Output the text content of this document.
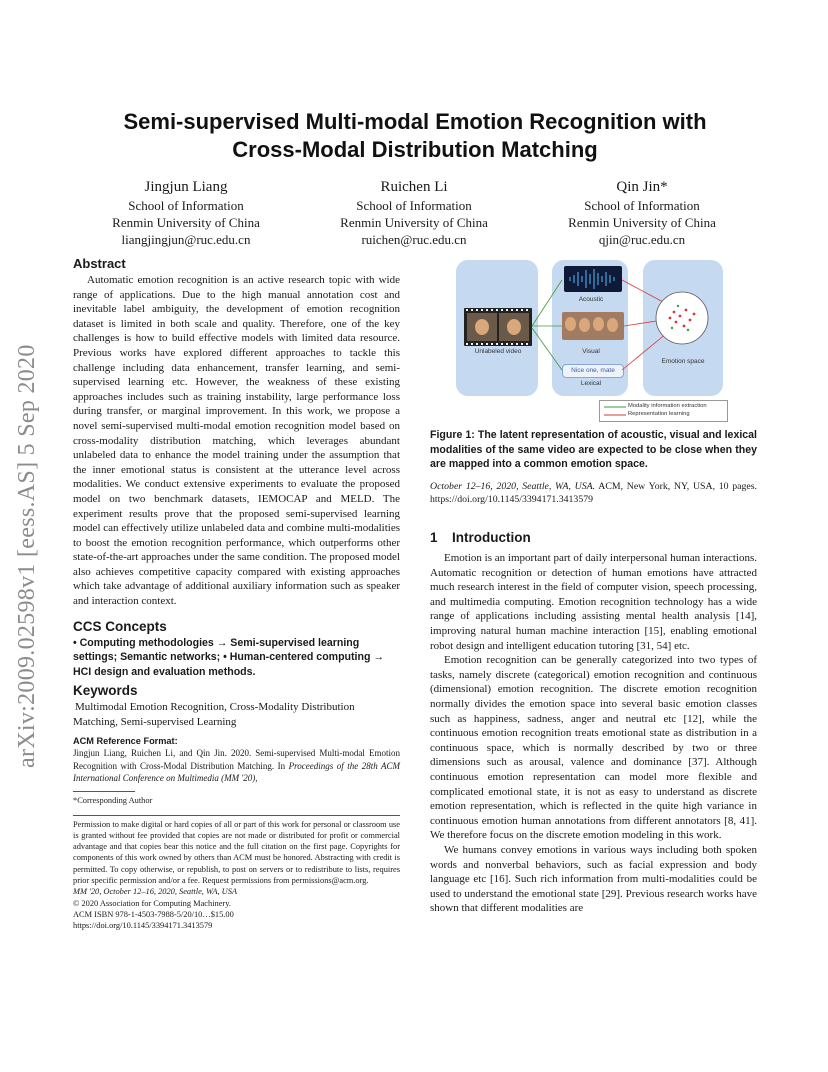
arXiv:2009.02598v1 [eess.AS] 5 Sep 2020
Semi-supervised Multi-modal Emotion Recognition with
Cross-Modal Distribution Matching
Jingjun Liang
School of Information
Renmin University of China
liangjingjun@ruc.edu.cn
Ruichen Li
School of Information
Renmin University of China
ruichen@ruc.edu.cn
Qin Jin*
School of Information
Renmin University of China
qjin@ruc.edu.cn
Abstract

Automatic emotion recognition is an active research topic with wide range of applications. Due to the high manual annotation cost and inevitable label ambiguity, the development of emotion recognition dataset is limited in both scale and quality. Therefore, one of the key challenges is how to build effective models with limited data resource. Previous works have explored different approaches to tackle this challenge including data enhancement, transfer learning, and semi-supervised learning etc. However, the weakness of these existing approaches includes such as training instability, large performance loss during transfer, or marginal improvement. In this work, we propose a novel semi-supervised multi-modal emotion recognition model based on cross-modality distribution matching, which leverages abundant unlabeled data to enhance the model training under the assumption that the inner emotional status is consistent at the utterance level across modalities. We conduct extensive experiments to evaluate the proposed model on two benchmark datasets, IEMOCAP and MELD. The experiment results prove that the proposed semi-supervised learning model can effectively utilize unlabeled data and combine multi-modalities to boost the emotion recognition performance, which outperforms other state-of-the-art approaches under the same condition. The proposed model also achieves competitive capacity compared with existing approaches which take advantage of additional auxiliary information such as speaker and interaction context.

CCS Concepts

• Computing methodologies → Semi-supervised learning settings; Semantic networks; • Human-centered computing → HCI design and evaluation methods.

Keywords

Multimodal Emotion Recognition, Cross-Modality Distribution Matching, Semi-supervised Learning

ACM Reference Format:

Jingjun Liang, Ruichen Li, and Qin Jin. 2020. Semi-supervised Multi-modal Emotion Recognition with Cross-Modal Distribution Matching. In Proceedings of the 28th ACM International Conference on Multimedia (MM '20),

*Corresponding Author

Permission to make digital or hard copies of all or part of this work for personal or classroom use is granted without fee provided that copies are not made or distributed for profit or commercial advantage and that copies bear this notice and the full citation on the first page. Copyrights for components of this work owned by others than ACM must be honored. Abstracting with credit is permitted. To copy otherwise, or republish, to post on servers or to redistribute to lists, requires prior specific permission and/or a fee. Request permissions from permissions@acm.org.

MM '20, October 12–16, 2020, Seattle, WA, USA

© 2020 Association for Computing Machinery.

ACM ISBN 978-1-4503-7988-5/20/10…$15.00

https://doi.org/10.1145/3394171.3413579

Unlabeled video
Acoustic
Visual
Nice one, mate
Lexical
Emotion space
Modality information extraction
Representation learning

Figure 1: The latent representation of acoustic, visual and lexical modalities of the same video are expected to be close when they are mapped into a common emotion space.

October 12–16, 2020, Seattle, WA, USA. ACM, New York, NY, USA, 10 pages. https://doi.org/10.1145/3394171.3413579

1 Introduction

Emotion is an important part of daily interpersonal human interactions. Automatic recognition or detection of human emotions have attracted much research interest in the field of computer vision, speech processing, and multimedia computing. Emotion recognition technology has a wide range of applications including assisting mental health analysis [14], improving natural human machine interaction [15], enabling emotional robot design and intelligent education tutoring [31, 54] etc.

Emotion recognition can be generally categorized into two types of tasks, namely discrete (categorical) emotion recognition and continuous (dimensional) emotion recognition. The discrete emotion recognition normally divides the emotion space into several basic emotion classes such as happiness, sadness, anger and neutral etc [12], while the continuous emotion recognition treats emotional state as distribution in a continuous space, which is normally described by two or three dimensions such as arousal, valence and dominance [37]. Although continuous emotion representation can model more flexible and complicated emotional state, it is not as easy to understand as discrete emotion representation, which is reflected in the quite high variance in continuous emotion human annotations from different annotators [8, 41]. We therefore focus on the discrete emotion modeling in this work.

We humans convey emotions in various ways including both spoken words and nonverbal behaviors, such as facial expression and body language etc [16]. Such rich information from multi-modalities could be used to understand the emotional state [29]. Previous research works have shown that different modalities are
